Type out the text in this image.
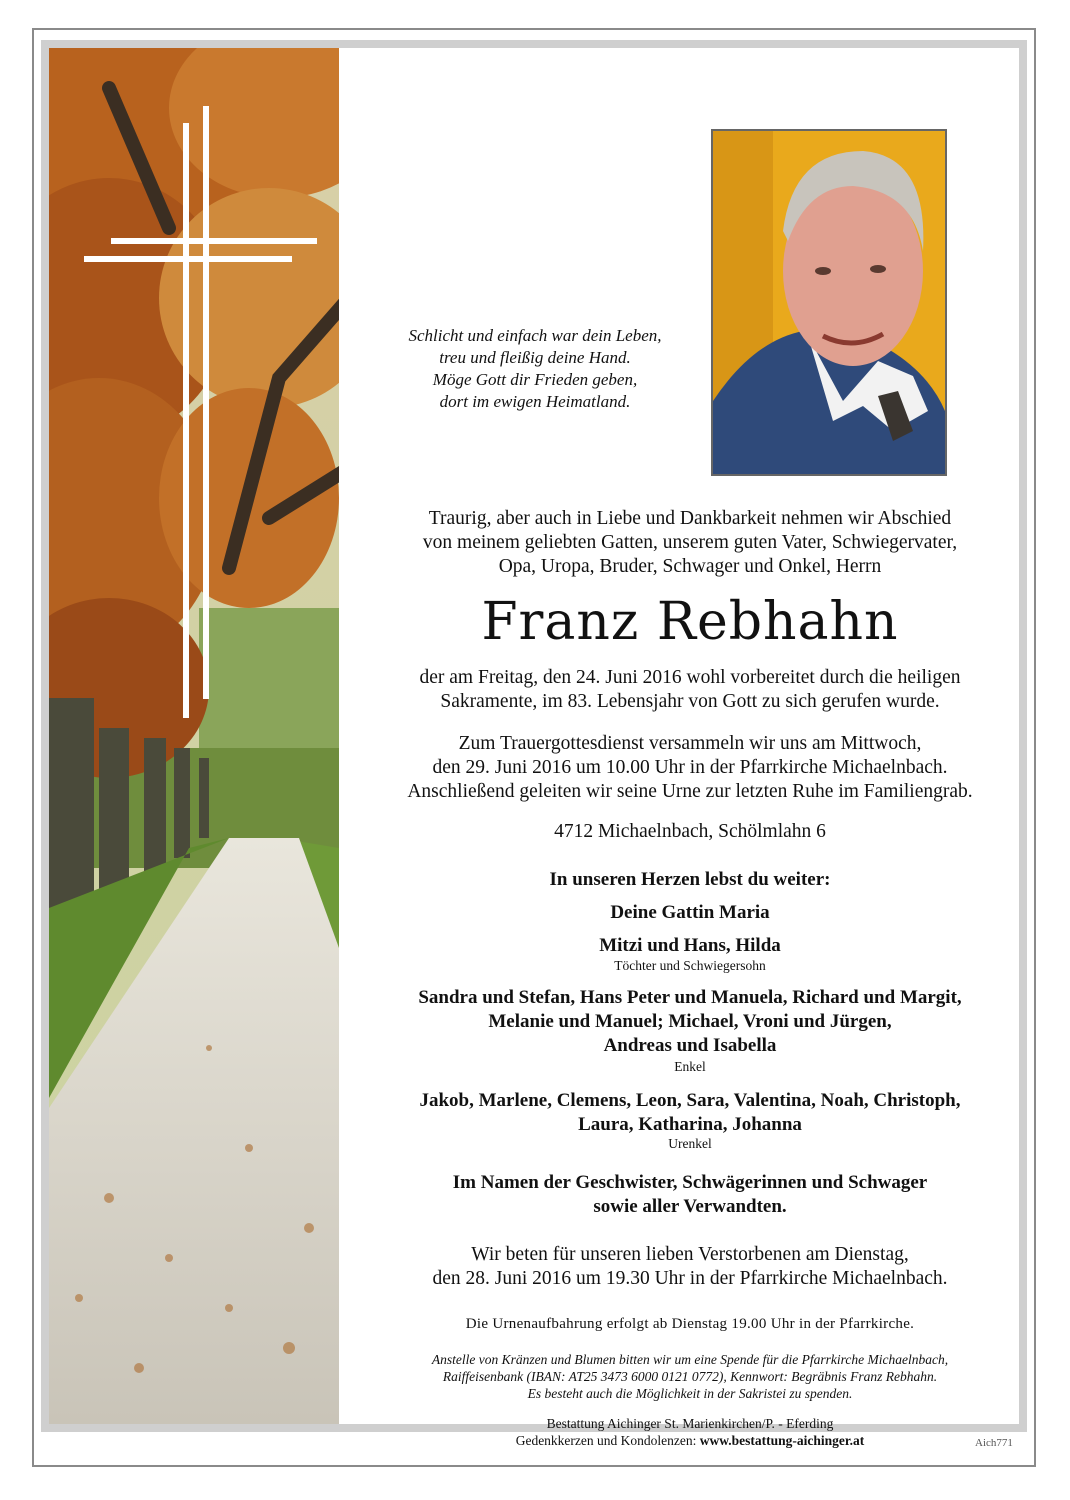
Schlicht und einfach war dein Leben,
treu und fleißig deine Hand.
Möge Gott dir Frieden geben,
dort im ewigen Heimatland.
Traurig, aber auch in Liebe und Dankbarkeit nehmen wir Abschied
von meinem geliebten Gatten, unserem guten Vater, Schwiegervater,
Opa, Uropa, Bruder, Schwager und Onkel, Herrn
Franz Rebhahn
der am Freitag, den 24. Juni 2016 wohl vorbereitet durch die heiligen
Sakramente, im 83. Lebensjahr von Gott zu sich gerufen wurde.
Zum Trauergottesdienst versammeln wir uns am Mittwoch,
den 29. Juni 2016 um 10.00 Uhr in der Pfarrkirche Michaelnbach.
Anschließend geleiten wir seine Urne zur letzten Ruhe im Familiengrab.
4712 Michaelnbach, Schölmlahn 6
In unseren Herzen lebst du weiter:
Deine Gattin Maria
Mitzi und Hans, Hilda
Töchter und Schwiegersohn
Sandra und Stefan, Hans Peter und Manuela, Richard und Margit,
Melanie und Manuel; Michael, Vroni und Jürgen,
Andreas und Isabella
Enkel
Jakob, Marlene, Clemens, Leon, Sara, Valentina, Noah, Christoph,
Laura, Katharina, Johanna
Urenkel
Im Namen der Geschwister, Schwägerinnen und Schwager
sowie aller Verwandten.
Wir beten für unseren lieben Verstorbenen am Dienstag,
den 28. Juni 2016 um 19.30 Uhr in der Pfarrkirche Michaelnbach.
Die Urnenaufbahrung erfolgt ab Dienstag 19.00 Uhr in der Pfarrkirche.
Anstelle von Kränzen und Blumen bitten wir um eine Spende für die Pfarrkirche Michaelnbach,
Raiffeisenbank (IBAN: AT25 3473 6000 0121 0772), Kennwort: Begräbnis Franz Rebhahn.
Es besteht auch die Möglichkeit in der Sakristei zu spenden.
Bestattung Aichinger St. Marienkirchen/P. - Eferding
Gedenkkerzen und Kondolenzen: www.bestattung-aichinger.at	Aich771
